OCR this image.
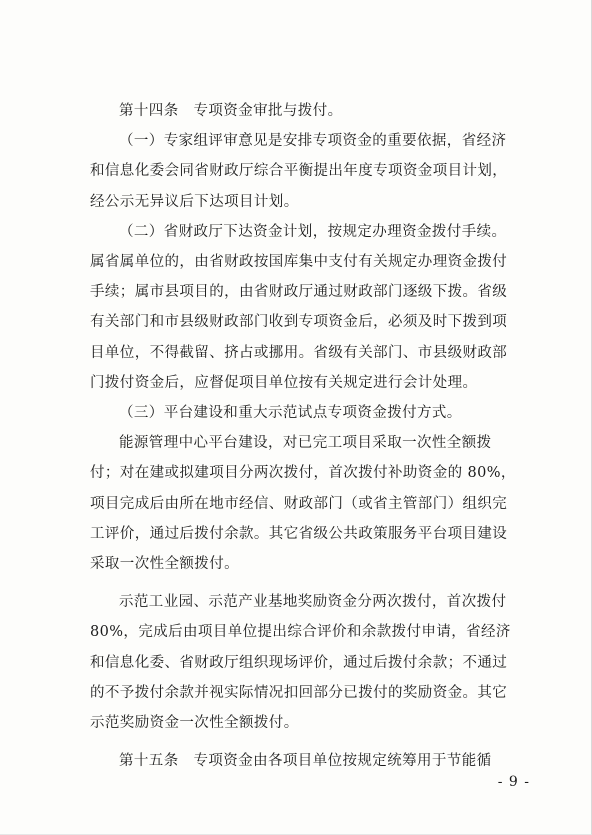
第十四条　专项资金审批与拨付。

（一）专家组评审意见是安排专项资金的重要依据，省经济
和信息化委会同省财政厅综合平衡提出年度专项资金项目计划，
经公示无异议后下达项目计划。

（二）省财政厅下达资金计划，按规定办理资金拨付手续。
属省属单位的，由省财政按国库集中支付有关规定办理资金拨付
手续；属市县项目的，由省财政厅通过财政部门逐级下拨。省级
有关部门和市县级财政部门收到专项资金后，必须及时下拨到项
目单位，不得截留、挤占或挪用。省级有关部门、市县级财政部
门拨付资金后，应督促项目单位按有关规定进行会计处理。

（三）平台建设和重大示范试点专项资金拨付方式。

能源管理中心平台建设，对已完工项目采取一次性全额拨
付；对在建或拟建项目分两次拨付，首次拨付补助资金的 80%，
项目完成后由所在地市经信、财政部门（或省主管部门）组织完
工评价，通过后拨付余款。其它省级公共政策服务平台项目建设
采取一次性全额拨付。

示范工业园、示范产业基地奖励资金分两次拨付，首次拨付
80%，完成后由项目单位提出综合评价和余款拨付申请，省经济
和信息化委、省财政厅组织现场评价，通过后拨付余款；不通过
的不予拨付余款并视实际情况扣回部分已拨付的奖励资金。其它
示范奖励资金一次性全额拨付。

第十五条　专项资金由各项目单位按规定统筹用于节能循

- 9 -
